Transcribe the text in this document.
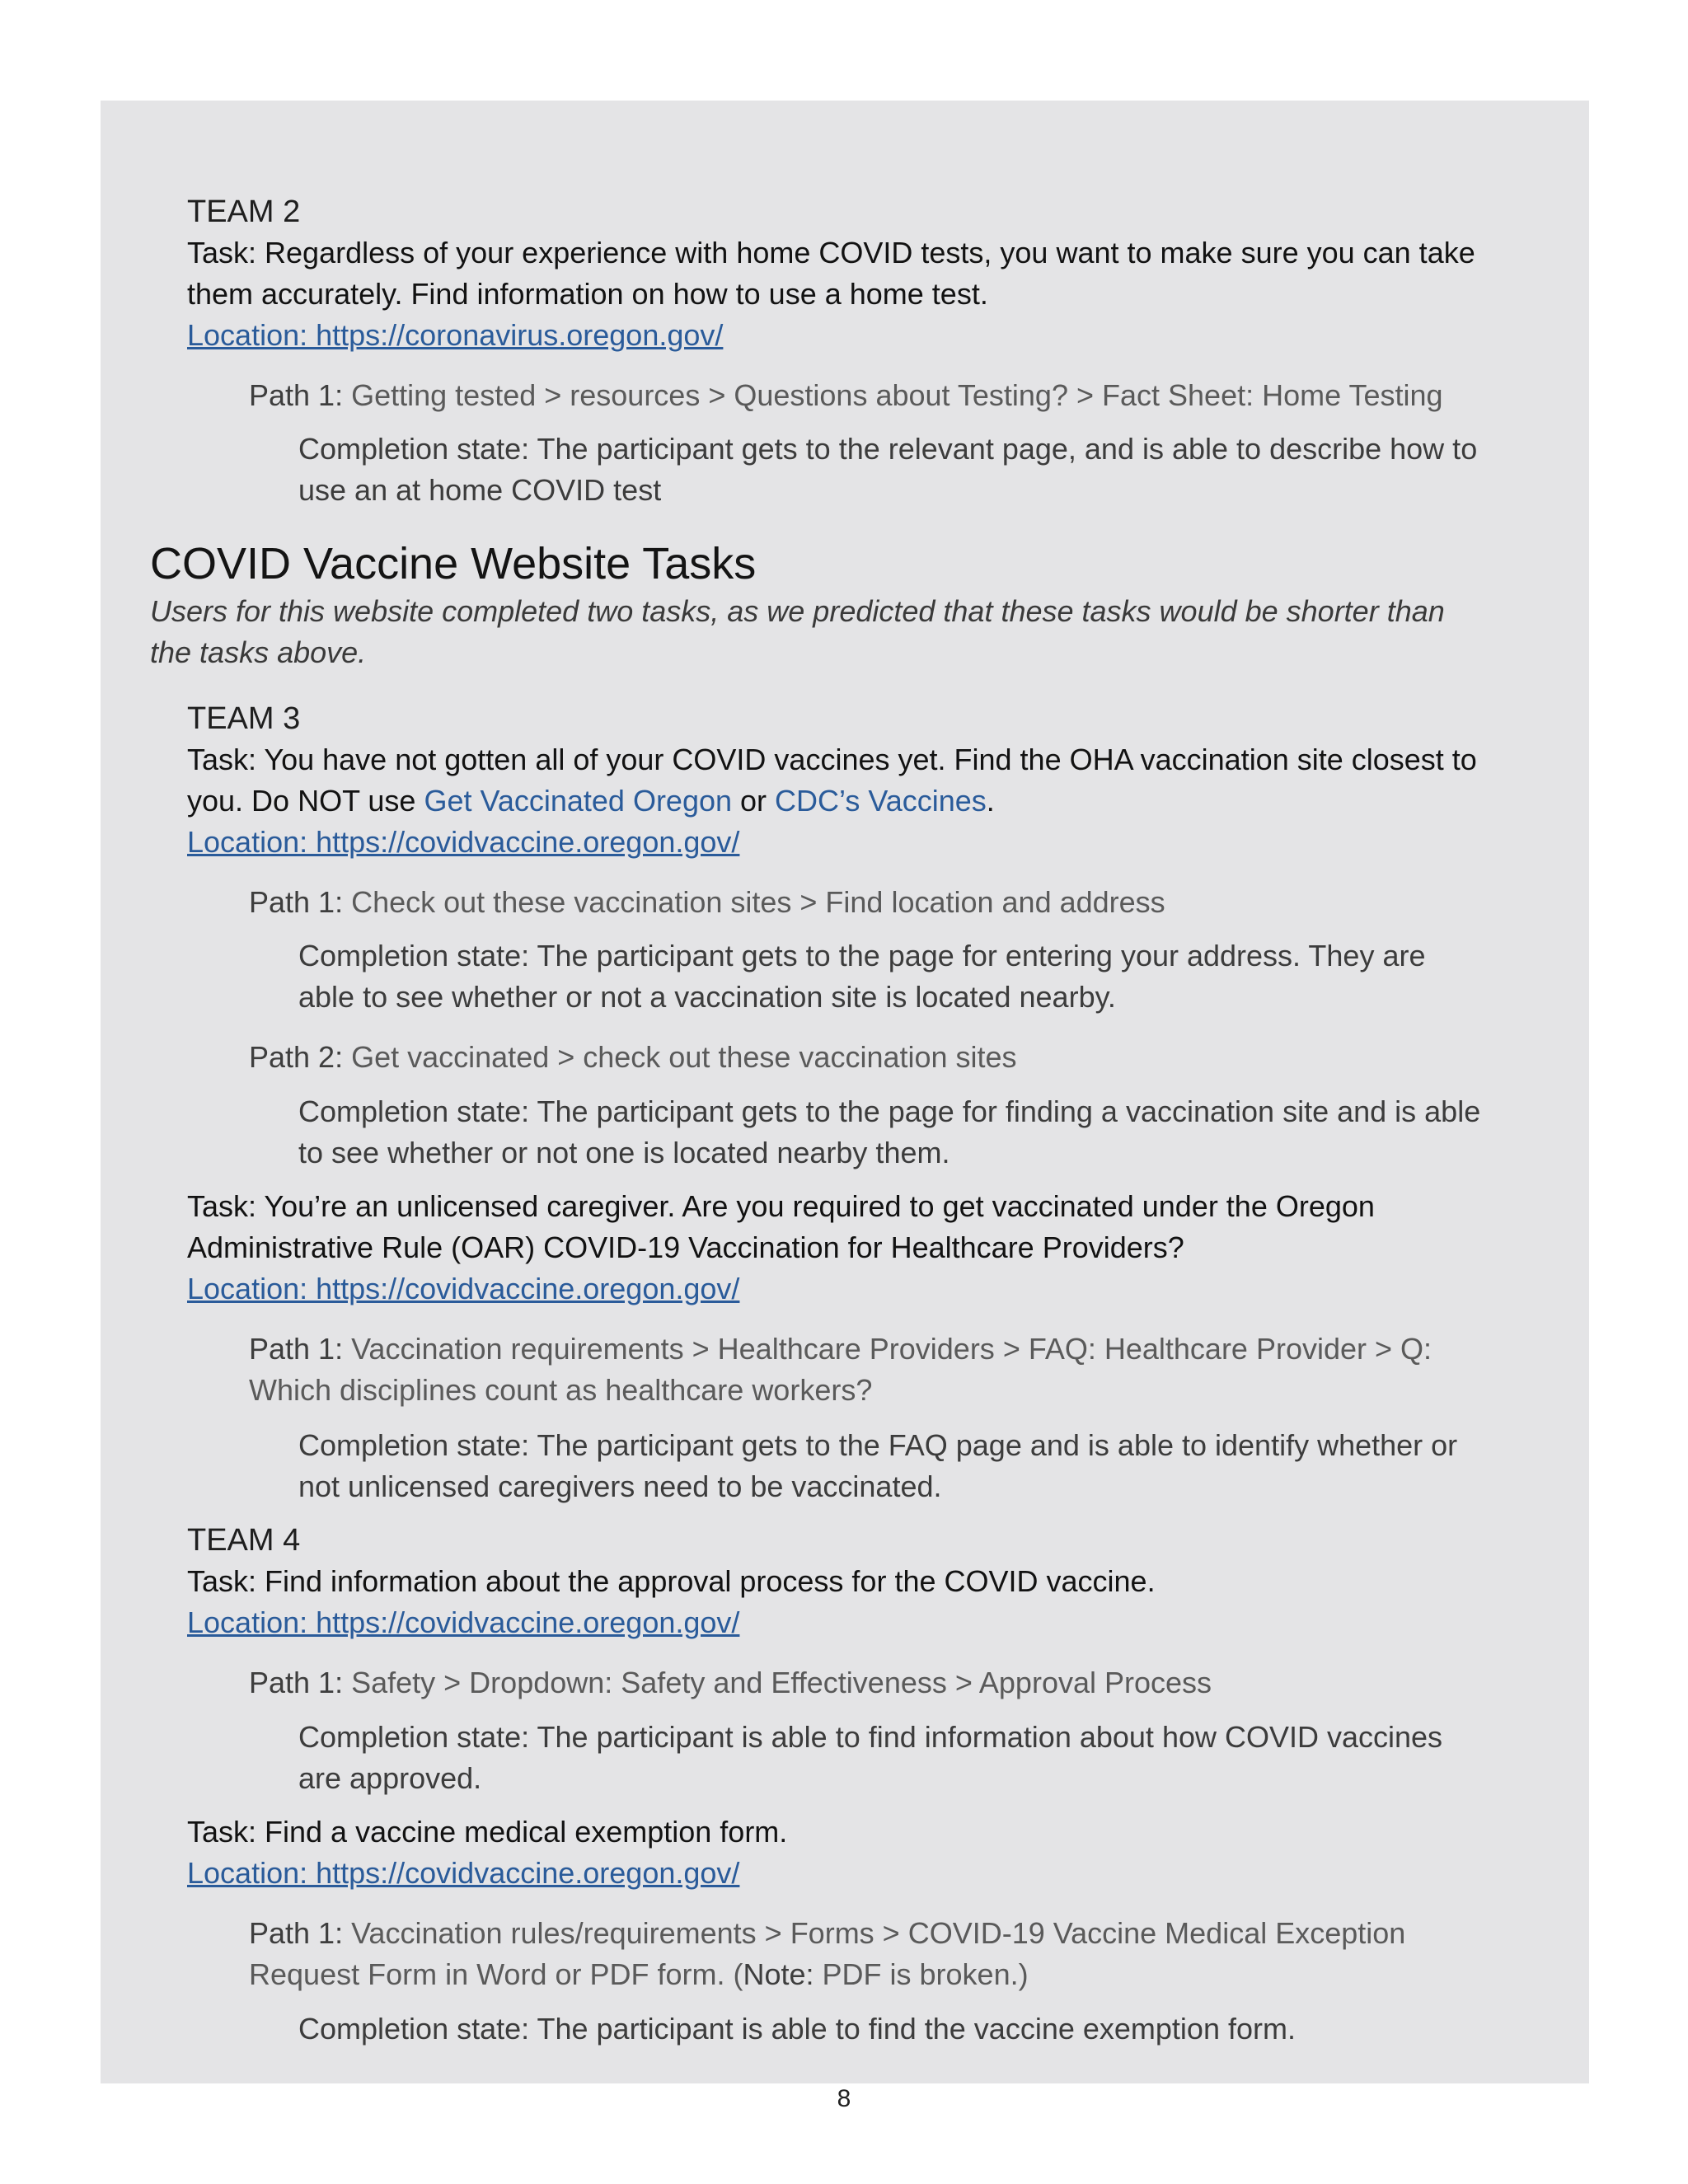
TEAM 2
Task: Regardless of your experience with home COVID tests, you want to make sure you can take them accurately. Find information on how to use a home test.
Location: https://coronavirus.oregon.gov/
Path 1: Getting tested > resources > Questions about Testing? > Fact Sheet: Home Testing
Completion state: The participant gets to the relevant page, and is able to describe how to use an at home COVID test
COVID Vaccine Website Tasks
Users for this website completed two tasks, as we predicted that these tasks would be shorter than the tasks above.
TEAM 3
Task: You have not gotten all of your COVID vaccines yet. Find the OHA vaccination site closest to you. Do NOT use Get Vaccinated Oregon or CDC’s Vaccines.
Location: https://covidvaccine.oregon.gov/
Path 1: Check out these vaccination sites > Find location and address
Completion state: The participant gets to the page for entering your address. They are able to see whether or not a vaccination site is located nearby.
Path 2: Get vaccinated > check out these vaccination sites
Completion state: The participant gets to the page for finding a vaccination site and is able to see whether or not one is located nearby them.
Task: You’re an unlicensed caregiver. Are you required to get vaccinated under the Oregon Administrative Rule (OAR) COVID-19 Vaccination for Healthcare Providers?
Location: https://covidvaccine.oregon.gov/
Path 1: Vaccination requirements > Healthcare Providers > FAQ: Healthcare Provider > Q: Which disciplines count as healthcare workers?
Completion state: The participant gets to the FAQ page and is able to identify whether or not unlicensed caregivers need to be vaccinated.
TEAM 4
Task: Find information about the approval process for the COVID vaccine.
Location: https://covidvaccine.oregon.gov/
Path 1: Safety > Dropdown: Safety and Effectiveness > Approval Process
Completion state: The participant is able to find information about how COVID vaccines are approved.
Task: Find a vaccine medical exemption form.
Location: https://covidvaccine.oregon.gov/
Path 1: Vaccination rules/requirements > Forms > COVID-19 Vaccine Medical Exception Request Form in Word or PDF form. (Note: PDF is broken.)
Completion state: The participant is able to find the vaccine exemption form.
8
